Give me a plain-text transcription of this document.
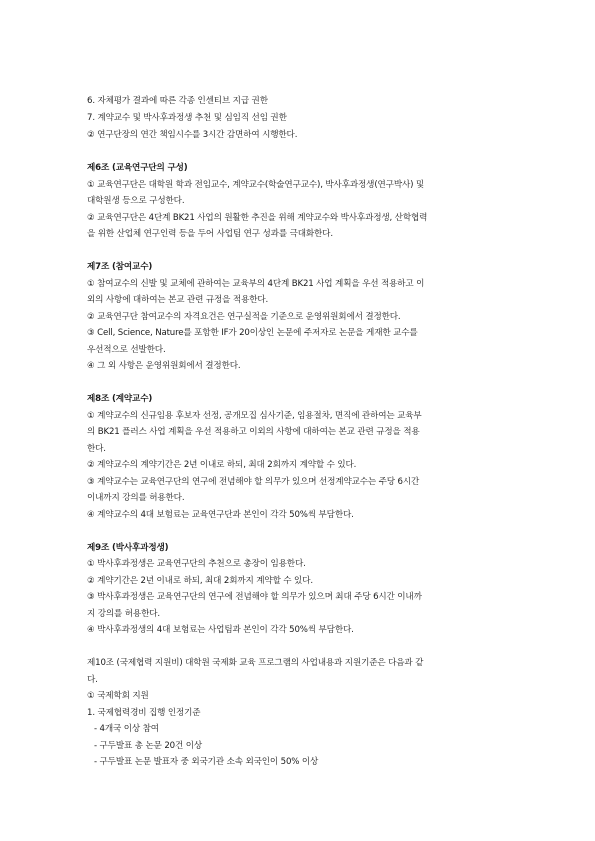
6. 자체평가 결과에 따른 각종 인센티브 지급 권한
7. 계약교수 및 박사후과정생 추천 및 심임직 선임 권한
② 연구단장의 연간 책임시수를 3시간 감면하여 시행한다.
제6조 (교육연구단의 구성)
① 교육연구단은 대학원 학과 전임교수, 계약교수(학술연구교수), 박사후과정생(연구박사) 및
대학원생 등으로 구성한다.
② 교육연구단은 4단계 BK21 사업의 원활한 추진을 위해 계약교수와 박사후과정생, 산학협력
을 위한 산업체 연구인력 등을 두어 사업팀 연구 성과를 극대화한다.
제7조 (참여교수)
① 참여교수의 신발 및 교체에 관하여는 교육부의 4단계 BK21 사업 계획을 우선 적용하고 이
외의 사항에 대하여는 본교 관련 규정을 적용한다.
② 교육연구단 참여교수의 자격요건은 연구실적을 기준으로 운영위원회에서 결정한다.
③ Cell, Science, Nature를 포함한 IF가 20이상인 논문에 주저자로 논문을 게재한 교수를
우선적으로 선발한다.
④ 그 외 사항은 운영위원회에서 결정한다.
제8조 (계약교수)
① 계약교수의 신규임용 후보자 선정, 공개모집 심사기준, 임용절차, 면직에 관하여는 교육부
의 BK21 플러스 사업 계획을 우선 적용하고 이외의 사항에 대하여는 본교 관련 규정을 적용
한다.
② 계약교수의 계약기간은 2년 이내로 하되, 최대 2회까지 계약할 수 있다.
③ 계약교수는 교육연구단의 연구에 전념해야 할 의무가 있으며 선정계약교수는 주당 6시간
이내까지 강의를 허용한다.
④ 계약교수의 4대 보험료는 교육연구단과 본인이 각각 50%씩 부담한다.
제9조 (박사후과정생)
① 박사후과정생은 교육연구단의 추천으로 총장이 임용한다.
② 계약기간은 2년 이내로 하되, 최대 2회까지 계약할 수 있다.
③ 박사후과정생은 교육연구단의 연구에 전념해야 할 의무가 있으며 최대 주당 6시간 이내까
지 강의를 허용한다.
④ 박사후과정생의 4대 보험료는 사업팀과 본인이 각각 50%씩 부담한다.
제10조 (국제협력 지원비) 대학원 국제화 교육 프로그램의 사업내용과 지원기준은 다음과 같
다.
① 국제학회 지원
1. 국제협력경비 집행 인정기준
- 4개국 이상 참여
- 구두발표 총 논문 20건 이상
- 구두발표 논문 발표자 중 외국기관 소속 외국인이 50% 이상
